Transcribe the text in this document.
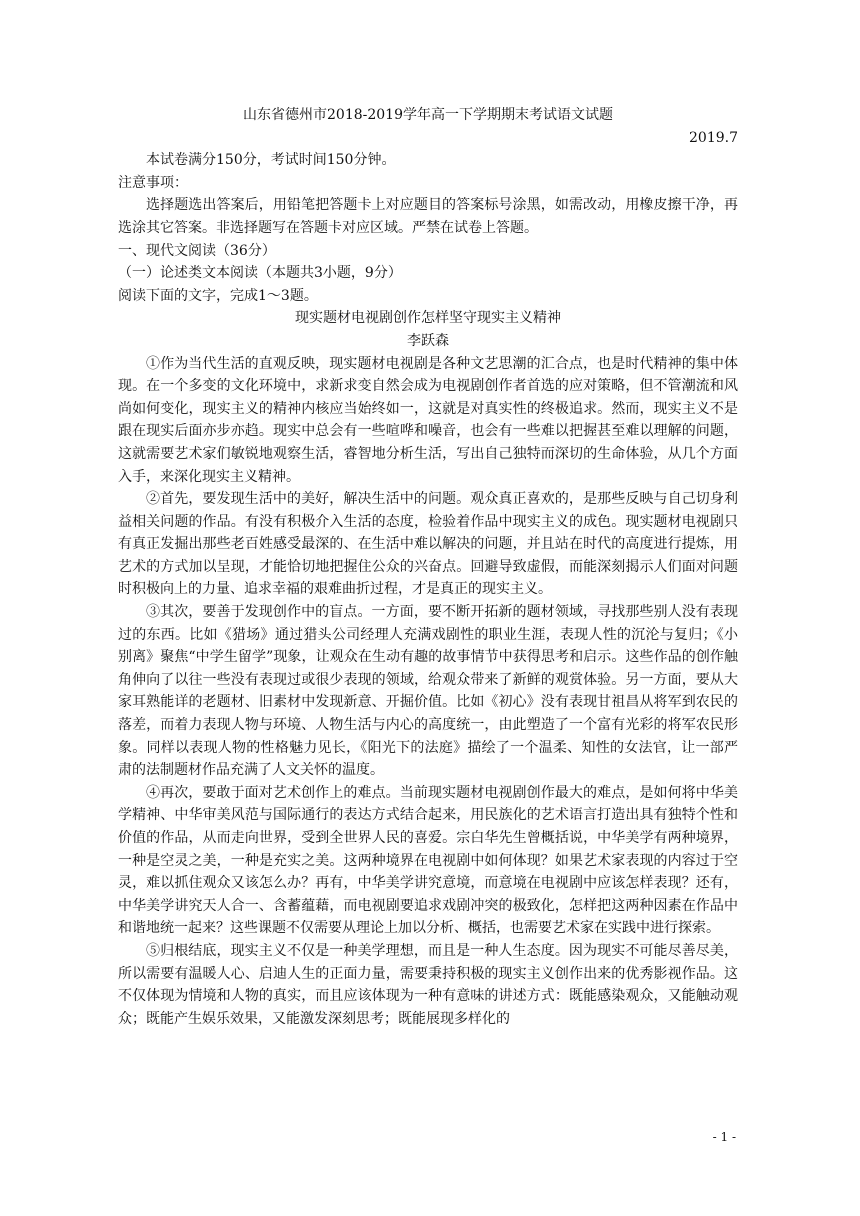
山东省德州市2018-2019学年高一下学期期末考试语文试题

2019.7

本试卷满分150分，考试时间150分钟。

注意事项：

选择题选出答案后，用铅笔把答题卡上对应题目的答案标号涂黑，如需改动，用橡皮擦干净，再选涂其它答案。非选择题写在答题卡对应区域。严禁在试卷上答题。

一、现代文阅读（36分）

（一）论述类文本阅读（本题共3小题，9分）

阅读下面的文字，完成1～3题。

现实题材电视剧创作怎样坚守现实主义精神

李跃森

①作为当代生活的直观反映，现实题材电视剧是各种文艺思潮的汇合点，也是时代精神的集中体现。在一个多变的文化环境中，求新求变自然会成为电视剧创作者首选的应对策略，但不管潮流和风尚如何变化，现实主义的精神内核应当始终如一，这就是对真实性的终极追求。然而，现实主义不是跟在现实后面亦步亦趋。现实中总会有一些喧哗和噪音，也会有一些难以把握甚至难以理解的问题，这就需要艺术家们敏锐地观察生活，睿智地分析生活，写出自己独特而深切的生命体验，从几个方面入手，来深化现实主义精神。

②首先，要发现生活中的美好，解决生活中的问题。观众真正喜欢的，是那些反映与自己切身利益相关问题的作品。有没有积极介入生活的态度，检验着作品中现实主义的成色。现实题材电视剧只有真正发掘出那些老百姓感受最深的、在生活中难以解决的问题，并且站在时代的高度进行提炼，用艺术的方式加以呈现，才能恰切地把握住公众的兴奋点。回避导致虚假，而能深刻揭示人们面对问题时积极向上的力量、追求幸福的艰难曲折过程，才是真正的现实主义。

③其次，要善于发现创作中的盲点。一方面，要不断开拓新的题材领域，寻找那些别人没有表现过的东西。比如《猎场》通过猎头公司经理人充满戏剧性的职业生涯，表现人性的沉沦与复归；《小别离》聚焦“中学生留学”现象，让观众在生动有趣的故事情节中获得思考和启示。这些作品的创作触角伸向了以往一些没有表现过或很少表现的领域，给观众带来了新鲜的观赏体验。另一方面，要从大家耳熟能详的老题材、旧素材中发现新意、开掘价值。比如《初心》没有表现甘祖昌从将军到农民的落差，而着力表现人物与环境、人物生活与内心的高度统一，由此塑造了一个富有光彩的将军农民形象。同样以表现人物的性格魅力见长，《阳光下的法庭》描绘了一个温柔、知性的女法官，让一部严肃的法制题材作品充满了人文关怀的温度。

④再次，要敢于面对艺术创作上的难点。当前现实题材电视剧创作最大的难点，是如何将中华美学精神、中华审美风范与国际通行的表达方式结合起来，用民族化的艺术语言打造出具有独特个性和价值的作品，从而走向世界，受到全世界人民的喜爱。宗白华先生曾概括说，中华美学有两种境界，一种是空灵之美，一种是充实之美。这两种境界在电视剧中如何体现？如果艺术家表现的内容过于空灵，难以抓住观众又该怎么办？再有，中华美学讲究意境，而意境在电视剧中应该怎样表现？还有，中华美学讲究天人合一、含蓄蕴藉，而电视剧要追求戏剧冲突的极致化，怎样把这两种因素在作品中和谐地统一起来？这些课题不仅需要从理论上加以分析、概括，也需要艺术家在实践中进行探索。

⑤归根结底，现实主义不仅是一种美学理想，而且是一种人生态度。因为现实不可能尽善尽美，所以需要有温暖人心、启迪人生的正面力量，需要秉持积极的现实主义创作出来的优秀影视作品。这不仅体现为情境和人物的真实，而且应该体现为一种有意味的讲述方式：既能感染观众，又能触动观众；既能产生娱乐效果，又能激发深刻思考；既能展现多样化的

- 1 -
